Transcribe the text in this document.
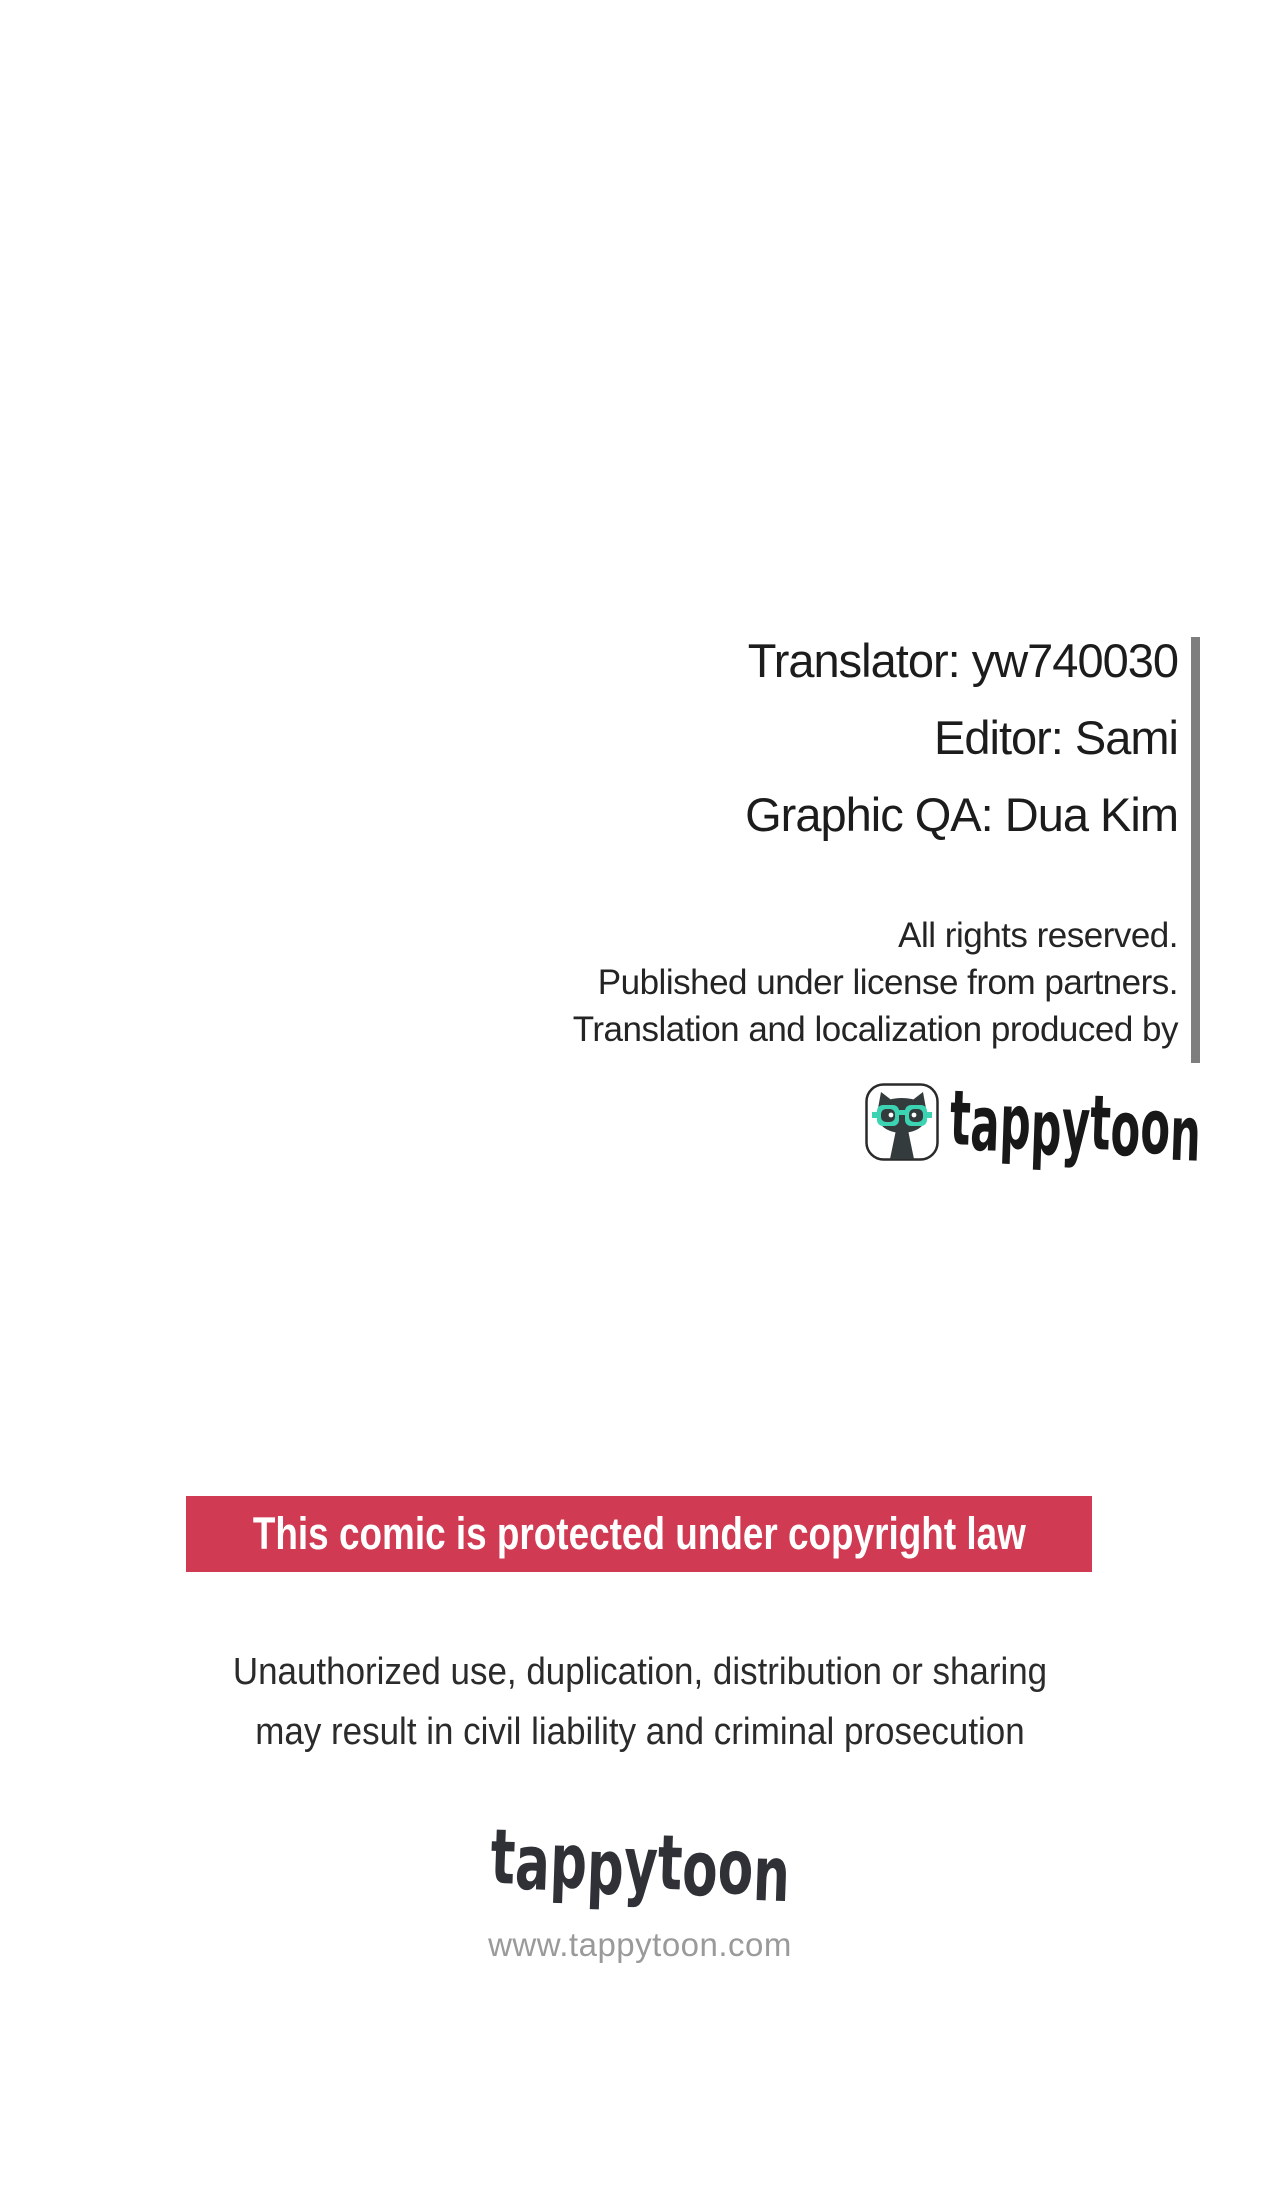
Translator: yw740030
Editor: Sami
Graphic QA: Dua Kim
All rights reserved.
Published under license from partners.
Translation and localization produced by
tappytoon
This comic is protected under copyright law
Unauthorized use, duplication, distribution or sharing
may result in civil liability and criminal prosecution
tappytoon
www.tappytoon.com
